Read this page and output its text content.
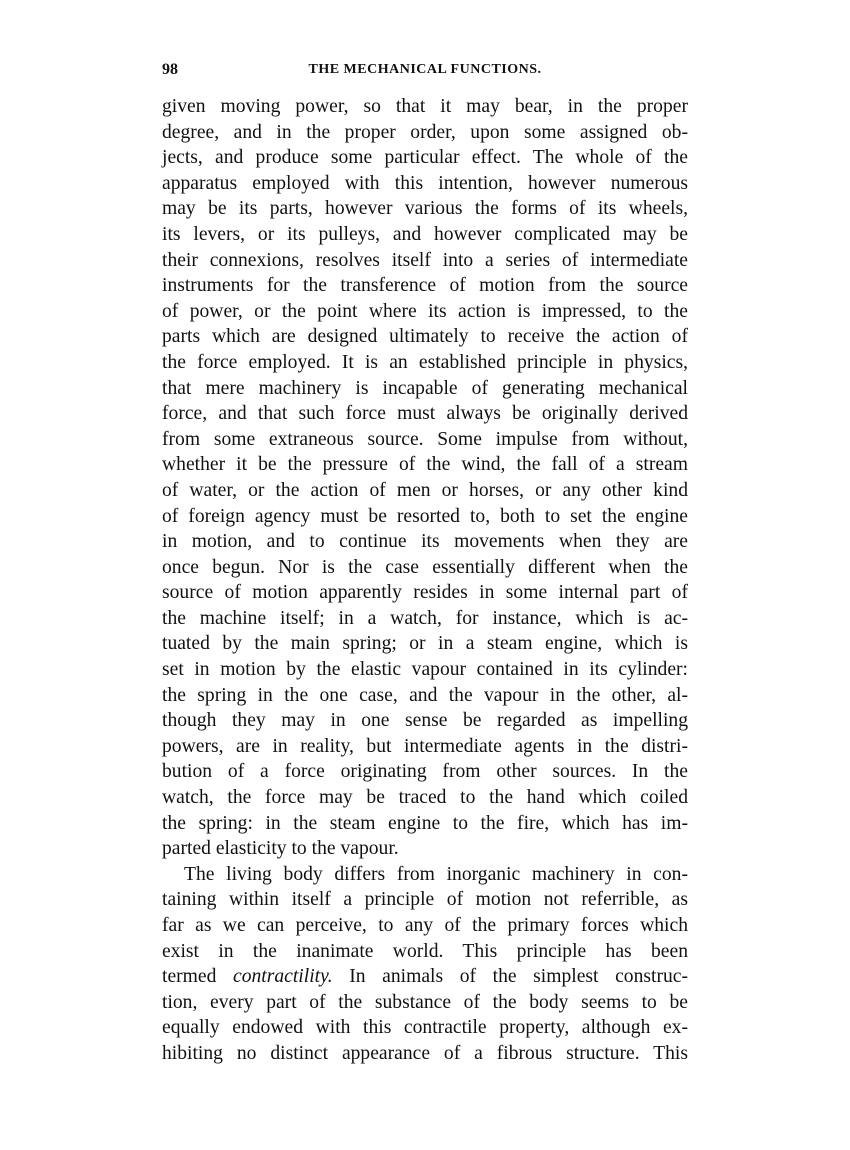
98	THE MECHANICAL FUNCTIONS.
given moving power, so that it may bear, in the proper
degree, and in the proper order, upon some assigned ob-
jects, and produce some particular effect. The whole of the
apparatus employed with this intention, however numerous
may be its parts, however various the forms of its wheels,
its levers, or its pulleys, and however complicated may be
their connexions, resolves itself into a series of intermediate
instruments for the transference of motion from the source
of power, or the point where its action is impressed, to the
parts which are designed ultimately to receive the action of
the force employed. It is an established principle in physics,
that mere machinery is incapable of generating mechanical
force, and that such force must always be originally derived
from some extraneous source. Some impulse from without,
whether it be the pressure of the wind, the fall of a stream
of water, or the action of men or horses, or any other kind
of foreign agency must be resorted to, both to set the engine
in motion, and to continue its movements when they are
once begun. Nor is the case essentially different when the
source of motion apparently resides in some internal part of
the machine itself; in a watch, for instance, which is ac-
tuated by the main spring; or in a steam engine, which is
set in motion by the elastic vapour contained in its cylinder:
the spring in the one case, and the vapour in the other, al-
though they may in one sense be regarded as impelling
powers, are in reality, but intermediate agents in the distri-
bution of a force originating from other sources. In the
watch, the force may be traced to the hand which coiled
the spring: in the steam engine to the fire, which has im-
parted elasticity to the vapour.
The living body differs from inorganic machinery in con-
taining within itself a principle of motion not referrible, as
far as we can perceive, to any of the primary forces which
exist in the inanimate world. This principle has been
termed contractility. In animals of the simplest construc-
tion, every part of the substance of the body seems to be
equally endowed with this contractile property, although ex-
hibiting no distinct appearance of a fibrous structure. This
